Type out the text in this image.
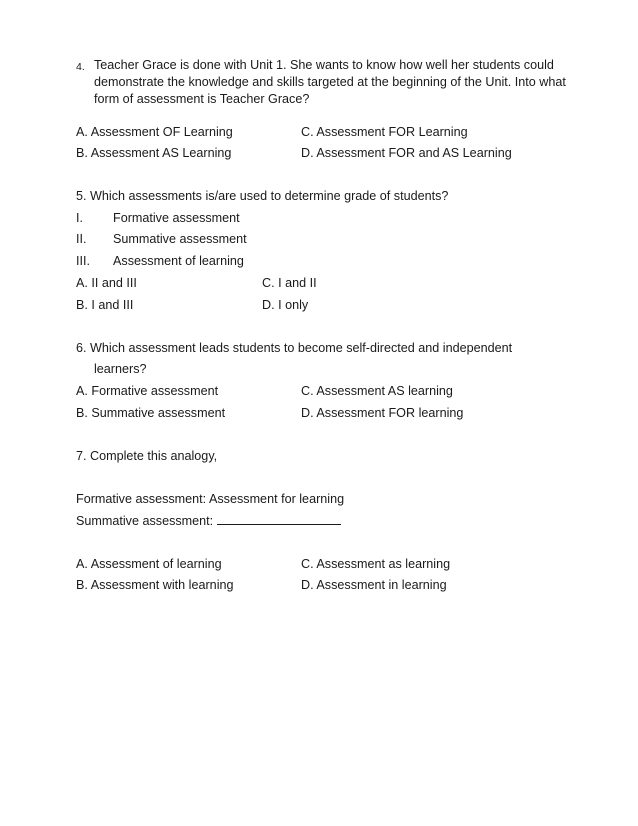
4. Teacher Grace is done with Unit 1. She wants to know how well her students could
demonstrate the knowledge and skills targeted at the beginning of the Unit. Into what
form of assessment is Teacher Grace?
A. Assessment OF Learning	C. Assessment FOR Learning
B. Assessment AS Learning	D. Assessment FOR and AS Learning
5. Which assessments is/are used to determine grade of students?
I. Formative assessment
II. Summative assessment
III. Assessment of learning
A. II and III	C. I and II
B. I and III	D. I only
6. Which assessment leads students to become self-directed and independent
learners?
A. Formative assessment	C. Assessment AS learning
B. Summative assessment	D. Assessment FOR learning
7. Complete this analogy,
Formative assessment: Assessment for learning
Summative assessment:
A. Assessment of learning	C. Assessment as learning
B. Assessment with learning	D. Assessment in learning
